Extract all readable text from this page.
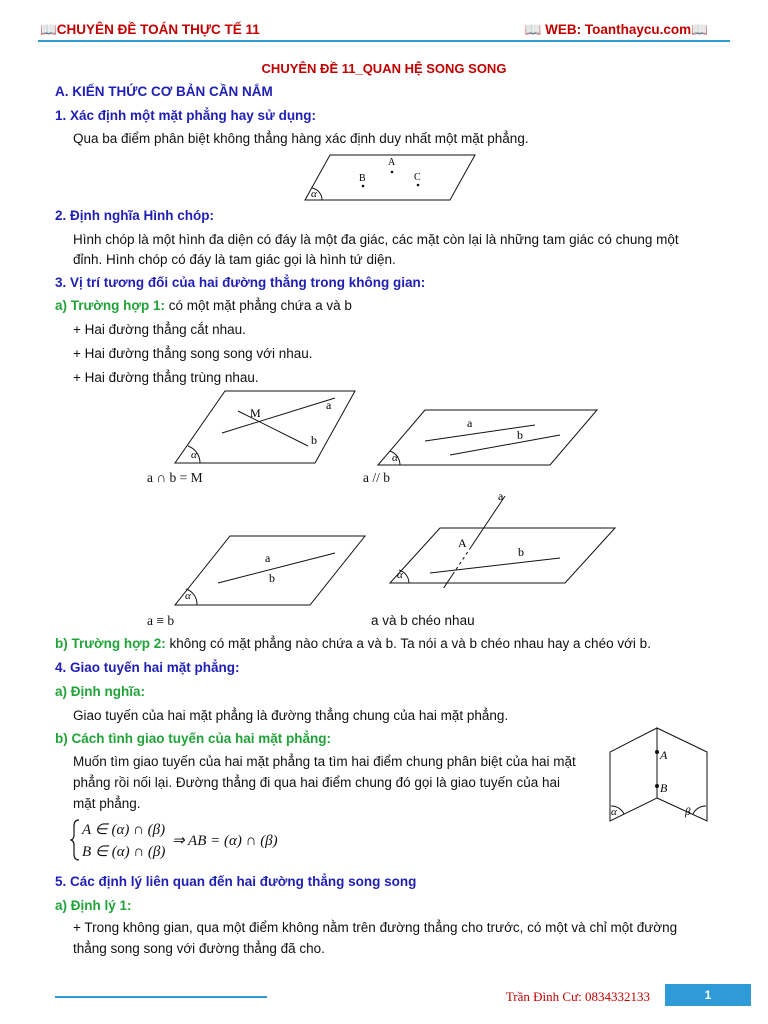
📖CHUYÊN ĐỀ TOÁN THỰC TẾ 11	📖 WEB: Toanthaycu.com📖
CHUYÊN ĐỀ 11_QUAN HỆ SONG SONG
A. KIẾN THỨC CƠ BẢN CẦN NẮM
1. Xác định một mặt phẳng hay sử dụng:
Qua ba điểm phân biệt không thẳng hàng xác định duy nhất một mặt phẳng.
α
A
B	C
2. Định nghĩa Hình chóp:
Hình chóp là một hình đa diện có đáy là một đa giác, các mặt còn lại là những tam giác có chung một
đỉnh. Hình chóp có đáy là tam giác gọi là hình tứ diện.
3. Vị trí tương đối của hai đường thẳng trong không gian:
a) Trường hợp 1: có một mặt phẳng chứa a và b
+ Hai đường thẳng cắt nhau.
+ Hai đường thẳng song song với nhau.
+ Hai đường thẳng trùng nhau.
α
M
a
b
a ∩ b = M
α
a
b
a // b
α
a
b
a ≡ b
α
a
A
b
a và b chéo nhau
b) Trường hợp 2: không có mặt phẳng nào chứa a và b. Ta nói a và b chéo nhau hay a chéo với b.
4. Giao tuyến hai mặt phẳng:
a) Định nghĩa:
Giao tuyến của hai mặt phẳng là đường thẳng chung của hai mặt phẳng.
b) Cách tình giao tuyến của hai mặt phẳng:
Muốn tìm giao tuyến của hai mặt phẳng ta tìm hai điểm chung phân biệt của hai mặt
phẳng rồi nối lại. Đường thẳng đi qua hai điểm chung đó gọi là giao tuyến của hai
mặt phẳng.
A ∈ (α) ∩ (β)
B ∈ (α) ∩ (β)
⇒ AB = (α) ∩ (β)
A
B
α	β
5. Các định lý liên quan đến hai đường thẳng song song
a) Định lý 1:
+ Trong không gian, qua một điểm không nằm trên đường thẳng cho trước, có một và chỉ một đường
thẳng song song với đường thẳng đã cho.
Trần Đình Cư: 0834332133	1
